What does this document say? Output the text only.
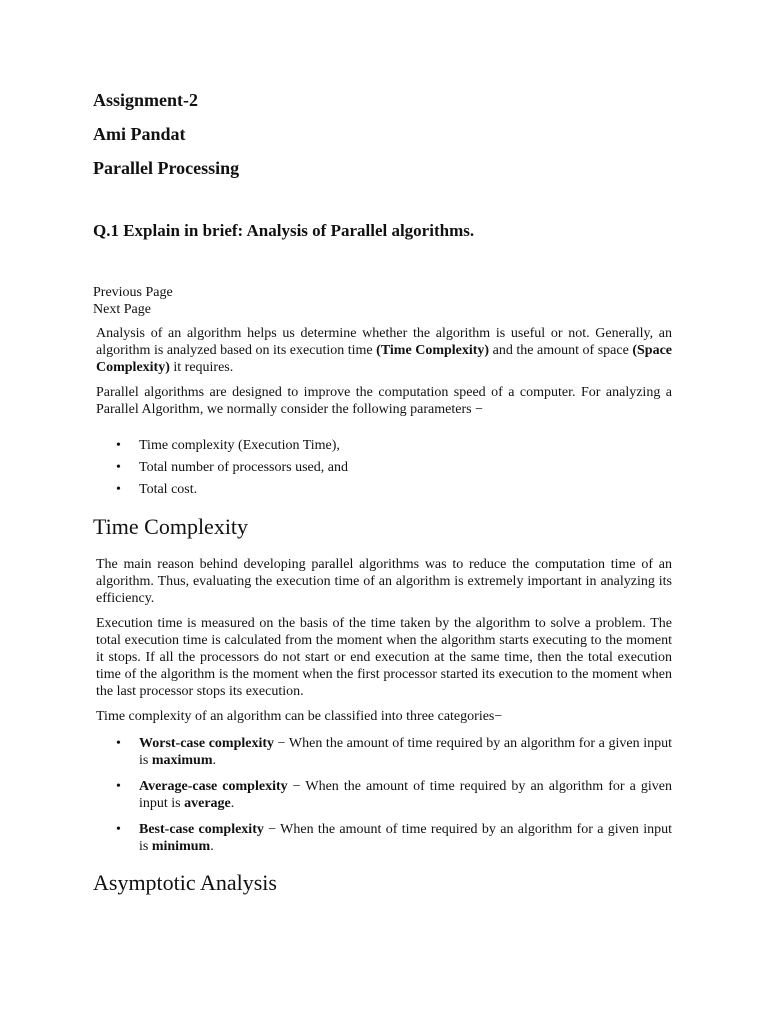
Assignment-2
Ami Pandat
Parallel Processing
Q.1 Explain in brief: Analysis of Parallel algorithms.
Previous Page
Next Page

Analysis of an algorithm helps us determine whether the algorithm is useful or not. Generally, an algorithm is analyzed based on its execution time (Time Complexity) and the amount of space (Space Complexity) it requires.

Parallel algorithms are designed to improve the computation speed of a computer. For analyzing a Parallel Algorithm, we normally consider the following parameters −

•	Time complexity (Execution Time),
•	Total number of processors used, and
•	Total cost.
Time Complexity

The main reason behind developing parallel algorithms was to reduce the computation time of an algorithm. Thus, evaluating the execution time of an algorithm is extremely important in analyzing its efficiency.

Execution time is measured on the basis of the time taken by the algorithm to solve a problem. The total execution time is calculated from the moment when the algorithm starts executing to the moment it stops. If all the processors do not start or end execution at the same time, then the total execution time of the algorithm is the moment when the first processor started its execution to the moment when the last processor stops its execution.

Time complexity of an algorithm can be classified into three categories−

•	Worst-case complexity − When the amount of time required by an algorithm for a given input is maximum.
•	Average-case complexity − When the amount of time required by an algorithm for a given input is average.
•	Best-case complexity − When the amount of time required by an algorithm for a given input is minimum.
Asymptotic Analysis
